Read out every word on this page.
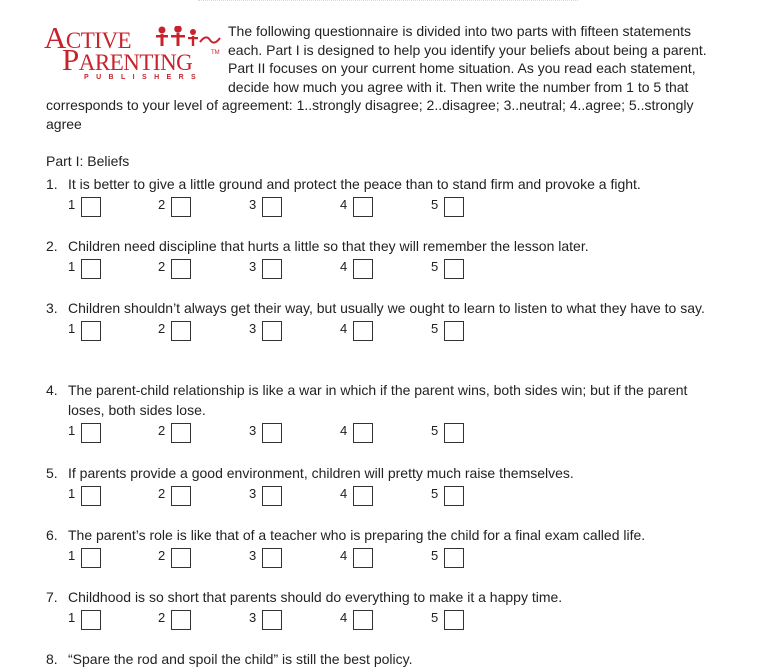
ACTIVE
PARENTING	TM
PUBLISHERS
The following questionnaire is divided into two parts with fifteen statements each. Part I is designed to help you identify your beliefs about being a parent. Part II focuses on your current home situation. As you read each statement, decide how much you agree with it. Then write the number from 1 to 5 that corresponds to your level of agreement: 1..strongly disagree; 2..disagree; 3..neutral; 4..agree; 5..strongly agree
Part I: Beliefs
1. It is better to give a little ground and protect the peace than to stand firm and provoke a fight.
1	2	3	4	5
2. Children need discipline that hurts a little so that they will remember the lesson later.
1	2	3	4	5
3. Children shouldn’t always get their way, but usually we ought to learn to listen to what they have to say.
1	2	3	4	5
4. The parent-child relationship is like a war in which if the parent wins, both sides win; but if the parent loses, both sides lose.
1	2	3	4	5
5. If parents provide a good environment, children will pretty much raise themselves.
1	2	3	4	5
6. The parent’s role is like that of a teacher who is preparing the child for a final exam called life.
1	2	3	4	5
7. Childhood is so short that parents should do everything to make it a happy time.
1	2	3	4	5
8. “Spare the rod and spoil the child” is still the best policy.
